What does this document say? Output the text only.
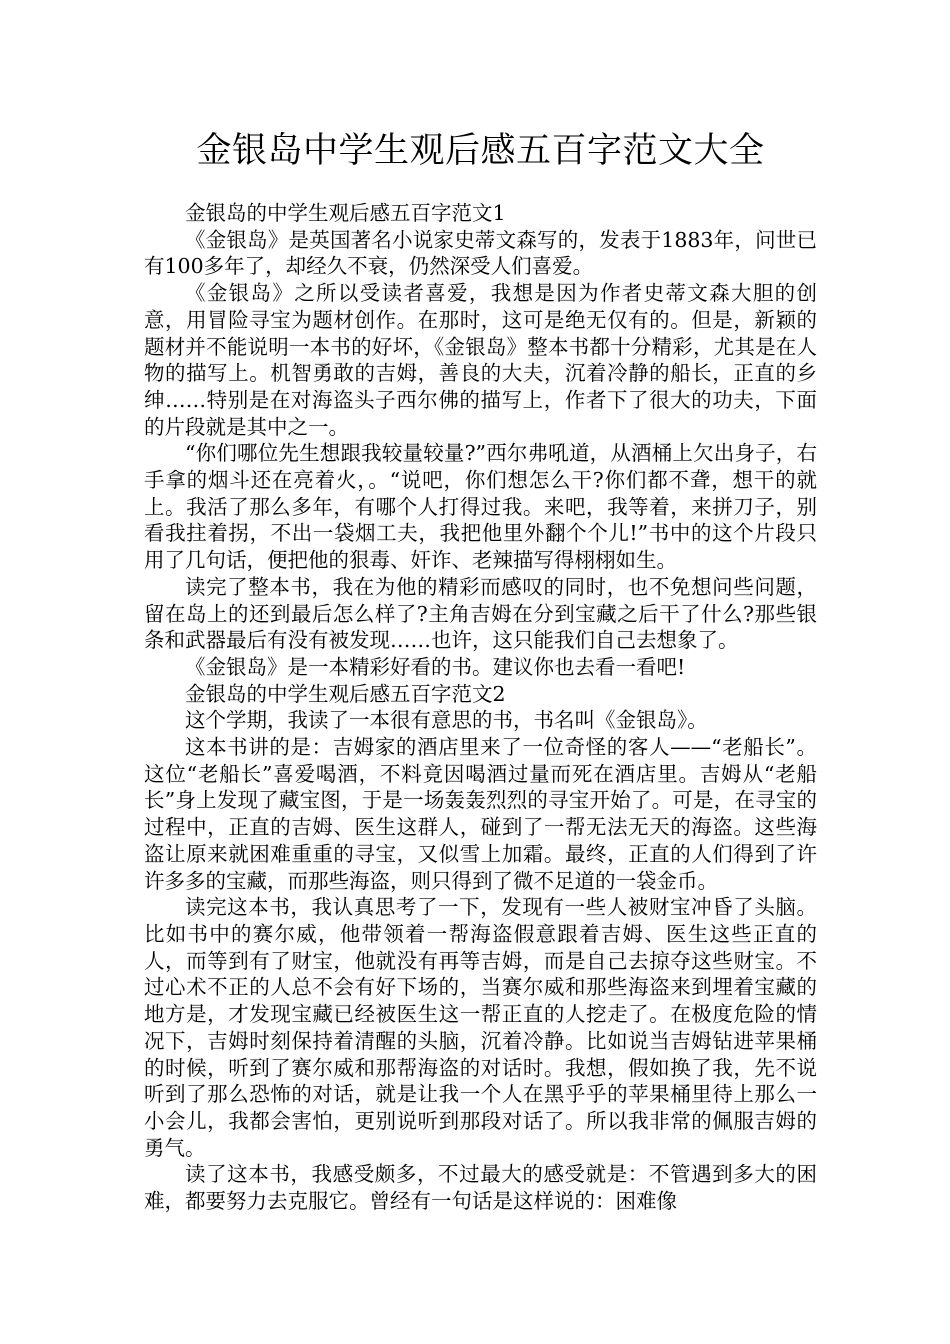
金银岛中学生观后感五百字范文大全

金银岛的中学生观后感五百字范文1

《金银岛》是英国著名小说家史蒂文森写的，发表于1883年，问世已有100多年了，却经久不衰，仍然深受人们喜爱。

《金银岛》之所以受读者喜爱，我想是因为作者史蒂文森大胆的创意，用冒险寻宝为题材创作。在那时，这可是绝无仅有的。但是，新颖的题材并不能说明一本书的好坏，《金银岛》整本书都十分精彩，尤其是在人物的描写上。机智勇敢的吉姆，善良的大夫，沉着冷静的船长，正直的乡绅……特别是在对海盗头子西尔佛的描写上，作者下了很大的功夫，下面的片段就是其中之一。

“你们哪位先生想跟我较量较量?”西尔弗吼道，从酒桶上欠出身子，右手拿的烟斗还在亮着火，。“说吧，你们想怎么干?你们都不聋，想干的就上。我活了那么多年，有哪个人打得过我。来吧，我等着，来拼刀子，别看我拄着拐，不出一袋烟工夫，我把他里外翻个个儿!”书中的这个片段只用了几句话，便把他的狠毒、奸诈、老辣描写得栩栩如生。

读完了整本书，我在为他的精彩而感叹的同时，也不免想问些问题，留在岛上的还到最后怎么样了?主角吉姆在分到宝藏之后干了什么?那些银条和武器最后有没有被发现……也许，这只能我们自己去想象了。

《金银岛》是一本精彩好看的书。建议你也去看一看吧!

金银岛的中学生观后感五百字范文2

这个学期，我读了一本很有意思的书，书名叫《金银岛》。

这本书讲的是：吉姆家的酒店里来了一位奇怪的客人——“老船长”。这位“老船长”喜爱喝酒，不料竟因喝酒过量而死在酒店里。吉姆从“老船长”身上发现了藏宝图，于是一场轰轰烈烈的寻宝开始了。可是，在寻宝的过程中，正直的吉姆、医生这群人，碰到了一帮无法无天的海盗。这些海盗让原来就困难重重的寻宝，又似雪上加霜。最终，正直的人们得到了许许多多的宝藏，而那些海盗，则只得到了微不足道的一袋金币。

读完这本书，我认真思考了一下，发现有一些人被财宝冲昏了头脑。比如书中的赛尔威，他带领着一帮海盗假意跟着吉姆、医生这些正直的人，而等到有了财宝，他就没有再等吉姆，而是自己去掠夺这些财宝。不过心术不正的人总不会有好下场的，当赛尔威和那些海盗来到埋着宝藏的地方是，才发现宝藏已经被医生这一帮正直的人挖走了。在极度危险的情况下，吉姆时刻保持着清醒的头脑，沉着冷静。比如说当吉姆钻进苹果桶的时候，听到了赛尔威和那帮海盗的对话时。我想，假如换了我，先不说听到了那么恐怖的对话，就是让我一个人在黑乎乎的苹果桶里待上那么一小会儿，我都会害怕，更别说听到那段对话了。所以我非常的佩服吉姆的勇气。

读了这本书，我感受颇多，不过最大的感受就是：不管遇到多大的困难，都要努力去克服它。曾经有一句话是这样说的：困难像
